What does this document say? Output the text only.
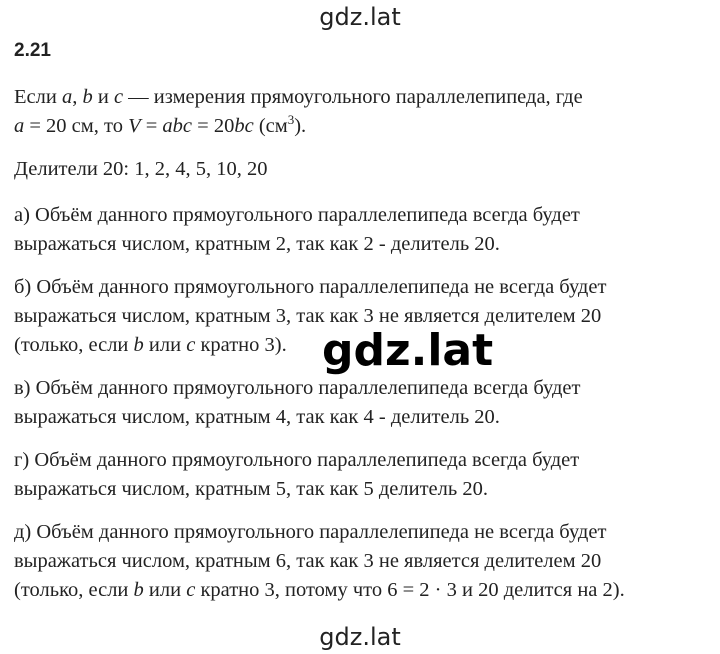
gdz.lat
2.21

Если a, b и c — измерения прямоугольного параллелепипеда, где
a = 20 см, то V = abc = 20bc $(см^3)$.

Делители 20: 1, 2, 4, 5, 10, 20

а) Объём данного прямоугольного параллелепипеда всегда будет
выражаться числом, кратным 2, так как 2 - делитель 20.

б) Объём данного прямоугольного параллелепипеда не всегда будет
выражаться числом, кратным 3, так как 3 не является делителем 20
(только, если b или c кратно 3).

в) Объём данного прямоугольного параллелепипеда всегда будет
выражаться числом, кратным 4, так как 4 - делитель 20.

г) Объём данного прямоугольного параллелепипеда всегда будет
выражаться числом, кратным 5, так как 5 делитель 20.

д) Объём данного прямоугольного параллелепипеда не всегда будет
выражаться числом, кратным 6, так как 3 не является делителем 20
(только, если b или c кратно 3, потому что 6 = 2 · 3 и 20 делится на 2).

gdz.lat
gdz.lat
